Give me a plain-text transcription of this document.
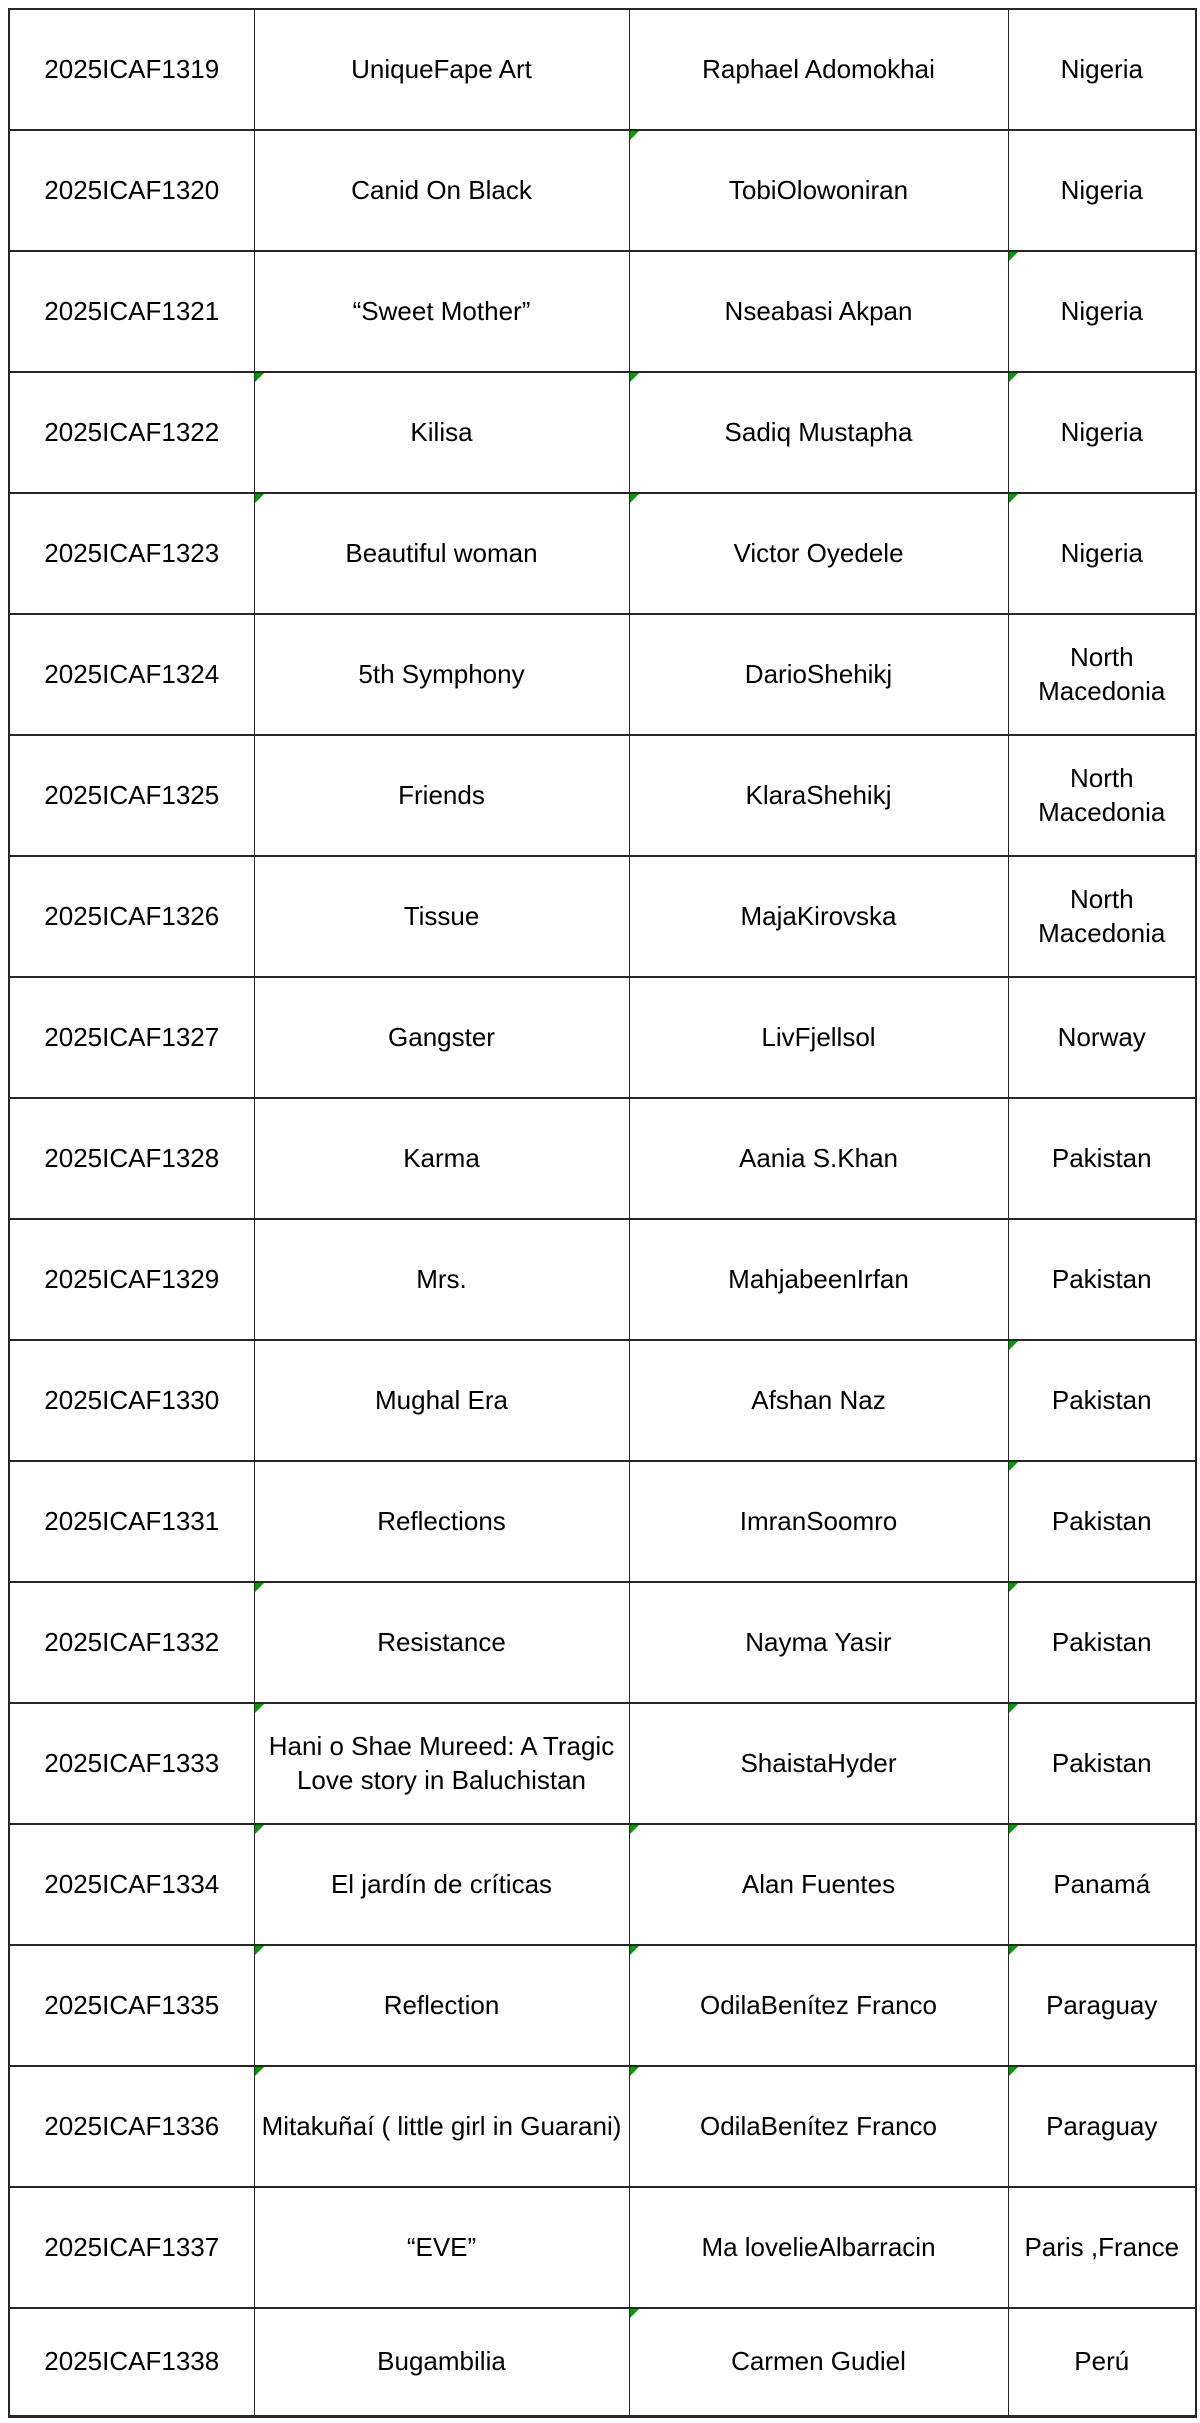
2025ICAF1319	UniqueFape Art	Raphael Adomokhai	Nigeria
2025ICAF1320	Canid On Black	TobiOlowoniran	Nigeria
2025ICAF1321	“Sweet Mother”	Nseabasi Akpan	Nigeria
2025ICAF1322	Kilisa	Sadiq Mustapha	Nigeria
2025ICAF1323	Beautiful woman	Victor Oyedele	Nigeria
2025ICAF1324	5th Symphony	DarioShehikj	North Macedonia
2025ICAF1325	Friends	KlaraShehikj	North Macedonia
2025ICAF1326	Tissue	MajaKirovska	North Macedonia
2025ICAF1327	Gangster	LivFjellsol	Norway
2025ICAF1328	Karma	Aania S.Khan	Pakistan
2025ICAF1329	Mrs.	MahjabeenIrfan	Pakistan
2025ICAF1330	Mughal Era	Afshan Naz	Pakistan
2025ICAF1331	Reflections	ImranSoomro	Pakistan
2025ICAF1332	Resistance	Nayma Yasir	Pakistan
2025ICAF1333	Hani o Shae Mureed: A Tragic Love story in Baluchistan	ShaistaHyder	Pakistan
2025ICAF1334	El jardín de críticas	Alan Fuentes	Panamá
2025ICAF1335	Reflection	OdilaBenítez Franco	Paraguay
2025ICAF1336	Mitakuñaí ( little girl in Guarani)	OdilaBenítez Franco	Paraguay
2025ICAF1337	“EVE”	Ma lovelieAlbarracin	Paris ,France
2025ICAF1338	Bugambilia	Carmen Gudiel	Perú
